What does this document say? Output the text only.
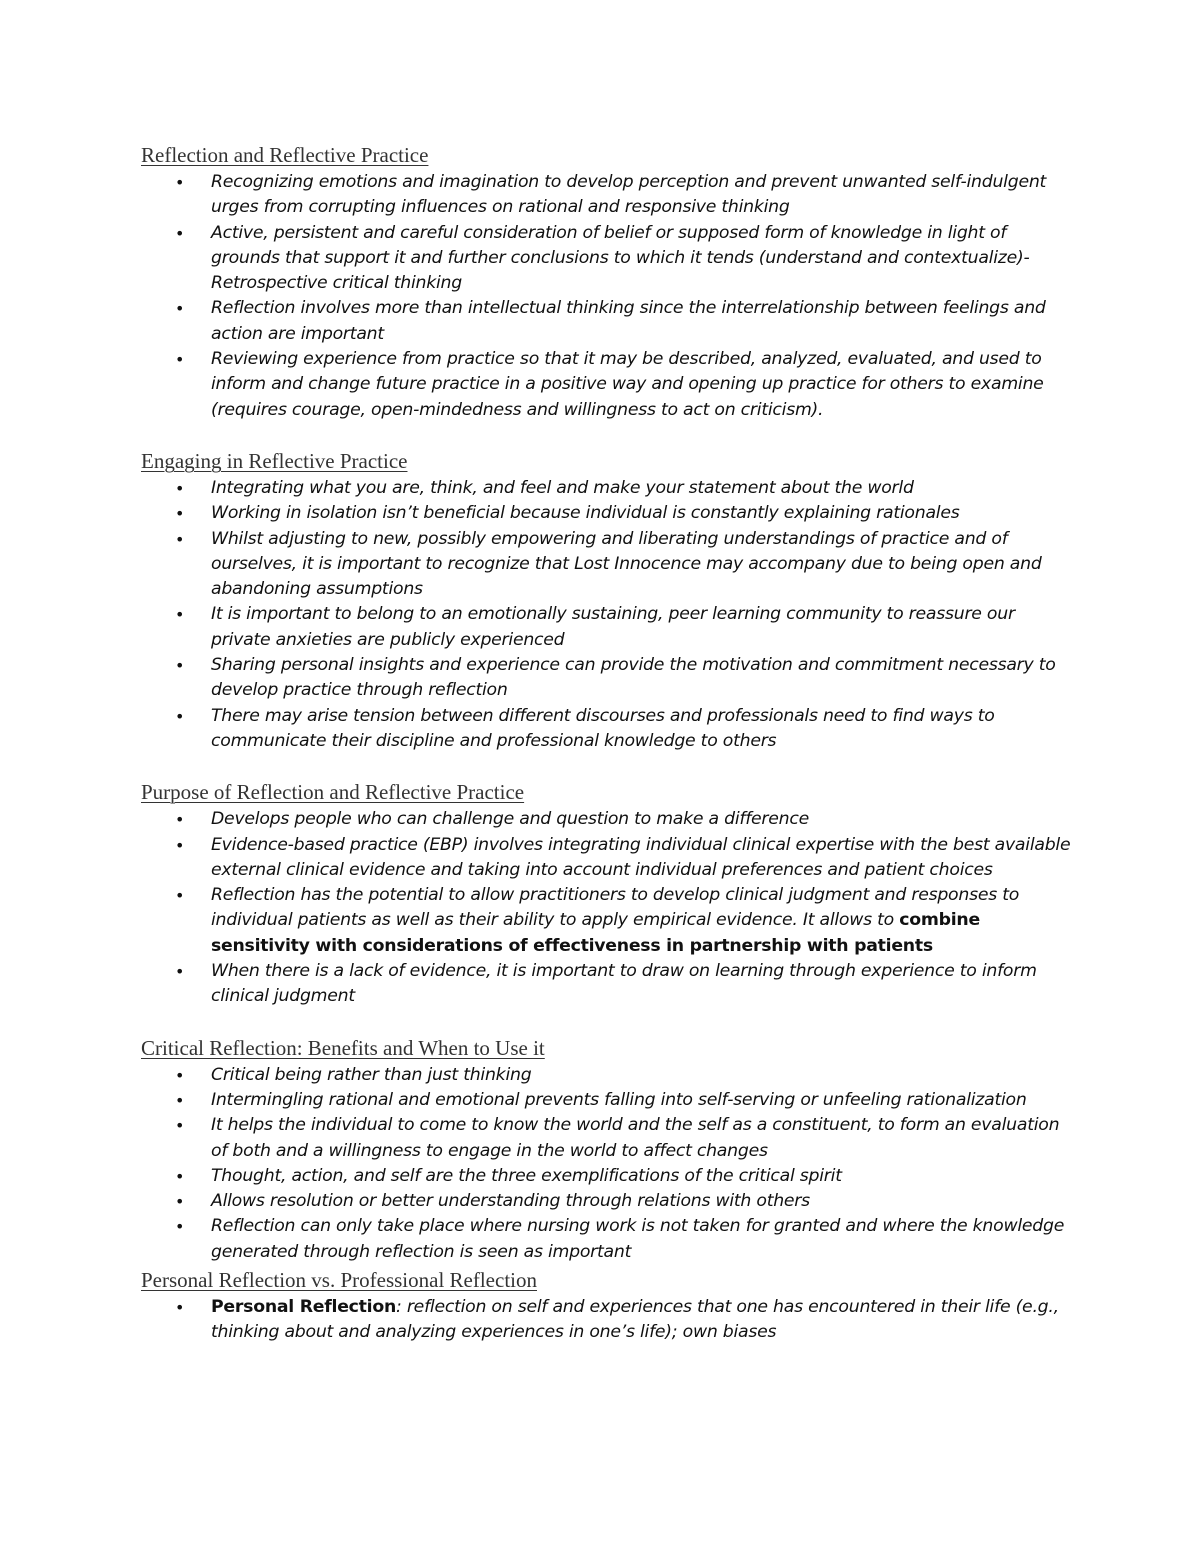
Reflection and Reflective Practice
• Recognizing emotions and imagination to develop perception and prevent unwanted self-indulgent urges from corrupting influences on rational and responsive thinking
• Active, persistent and careful consideration of belief or supposed form of knowledge in light of grounds that support it and further conclusions to which it tends (understand and contextualize)- Retrospective critical thinking
• Reflection involves more than intellectual thinking since the interrelationship between feelings and action are important
• Reviewing experience from practice so that it may be described, analyzed, evaluated, and used to inform and change future practice in a positive way and opening up practice for others to examine (requires courage, open-mindedness and willingness to act on criticism).
Engaging in Reflective Practice
• Integrating what you are, think, and feel and make your statement about the world
• Working in isolation isn’t beneficial because individual is constantly explaining rationales
• Whilst adjusting to new, possibly empowering and liberating understandings of practice and of ourselves, it is important to recognize that Lost Innocence may accompany due to being open and abandoning assumptions
• It is important to belong to an emotionally sustaining, peer learning community to reassure our private anxieties are publicly experienced
• Sharing personal insights and experience can provide the motivation and commitment necessary to develop practice through reflection
• There may arise tension between different discourses and professionals need to find ways to communicate their discipline and professional knowledge to others
Purpose of Reflection and Reflective Practice
• Develops people who can challenge and question to make a difference
• Evidence-based practice (EBP) involves integrating individual clinical expertise with the best available external clinical evidence and taking into account individual preferences and patient choices
• Reflection has the potential to allow practitioners to develop clinical judgment and responses to individual patients as well as their ability to apply empirical evidence. It allows to combine sensitivity with considerations of effectiveness in partnership with patients
• When there is a lack of evidence, it is important to draw on learning through experience to inform clinical judgment
Critical Reflection: Benefits and When to Use it
• Critical being rather than just thinking
• Intermingling rational and emotional prevents falling into self-serving or unfeeling rationalization
• It helps the individual to come to know the world and the self as a constituent, to form an evaluation of both and a willingness to engage in the world to affect changes
• Thought, action, and self are the three exemplifications of the critical spirit
• Allows resolution or better understanding through relations with others
• Reflection can only take place where nursing work is not taken for granted and where the knowledge generated through reflection is seen as important
Personal Reflection vs. Professional Reflection
• Personal Reflection: reflection on self and experiences that one has encountered in their life (e.g., thinking about and analyzing experiences in one’s life); own biases
